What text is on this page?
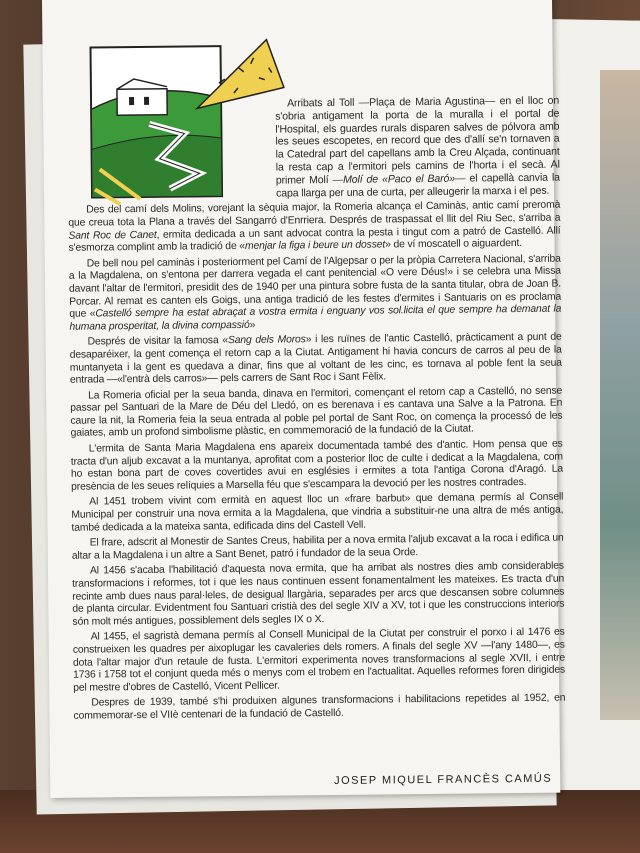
Arribats al Toll —Plaça de Maria Agustina— en el lloc on s'obria antigament la porta de la muralla i el portal de l'Hospital, els guardes rurals disparen salves de pólvora amb les seues escopetes, en record que des d'allí se'n tornaven a la Catedral part del capellans amb la Creu Alçada, continuant la resta cap a l'ermitori pels camins de l'horta i el secà. Al primer Molí —Molí de «Paco el Baró»— el capellà canvia la capa llarga per una de curta, per alleugerir la marxa i el pes.

Des del camí dels Molins, vorejant la sèquia major, la Romeria alcança el Caminàs, antic camí preromà que creua tota la Plana a través del Sangarró d'Enrriera. Després de traspassat el llit del Riu Sec, s'arriba a Sant Roc de Canet, ermita dedicada a un sant advocat contra la pesta i tingut com a patró de Castelló. Allí s'esmorza complint amb la tradició de «menjar la figa i beure un dosset» de ví moscatell o aiguardent.

De bell nou pel caminàs i posteriorment pel Camí de l'Algepsar o per la pròpia Carretera Nacional, s'arriba a la Magdalena, on s'entona per darrera vegada el cant penitencial «O vere Déus!» i se celebra una Missa davant l'altar de l'ermitori, presidit des de 1940 per una pintura sobre fusta de la santa titular, obra de Joan B. Porcar. Al remat es canten els Goigs, una antiga tradició de les festes d'ermites i Santuaris on es proclama que «Castelló sempre ha estat abraçat a vostra ermita i enguany vos sol.licita el que sempre ha demanat la humana prosperitat, la divina compassió»

Després de visitar la famosa «Sang dels Moros» i les ruïnes de l'antic Castelló, pràcticament a punt de desaparéixer, la gent comença el retorn cap a la Ciutat. Antigament hi havia concurs de carros al peu de la muntanyeta i la gent es quedava a dinar, fins que al voltant de les cinc, es tornava al poble fent la seua entrada —«l'entrà dels carros»— pels carrers de Sant Roc i Sant Fèlix.

La Romeria oficial per la seua banda, dinava en l'ermitori, començant el retorn cap a Castelló, no sense passar pel Santuari de la Mare de Déu del Lledó, on es berenava i es cantava una Salve a la Patrona. En caure la nit, la Romeria feia la seua entrada al poble pel portal de Sant Roc, on comença la processó de les gaiates, amb un profond simbolisme plàstic, en commemoració de la fundació de la Ciutat.

L'ermita de Santa Maria Magdalena ens apareix documentada també des d'antic. Hom pensa que es tracta d'un aljub excavat a la muntanya, aprofitat com a posterior lloc de culte i dedicat a la Magdalena, com ho estan bona part de coves covertides avui en esglésies i ermites a tota l'antiga Corona d'Aragó. La presència de les seues relíquies a Marsella féu que s'escampara la devoció per les nostres contrades.

Al 1451 trobem vivint com ermità en aquest lloc un «frare barbut» que demana permís al Consell Municipal per construir una nova ermita a la Magdalena, que vindria a substituir-ne una altra de més antiga, també dedicada a la mateixa santa, edificada dins del Castell Vell.

El frare, adscrit al Monestir de Santes Creus, habilita per a nova ermita l'aljub excavat a la roca i edifica un altar a la Magdalena i un altre a Sant Benet, patró i fundador de la seua Orde.

Al 1456 s'acaba l'habilitació d'aquesta nova ermita, que ha arribat als nostres dies amb considerables transformacions i reformes, tot i que les naus continuen essent fonamentalment les mateixes. Es tracta d'un recinte amb dues naus paral·leles, de desigual llargària, separades per arcs que descansen sobre columnes de planta circular. Evidentment fou Santuari cristià des del segle XIV a XV, tot i que les construccions interiors són molt més antigues, possiblement dels segles IX o X.

Al 1455, el sagristà demana permís al Consell Municipal de la Ciutat per construir el porxo i al 1476 es construeixen les quadres per aixoplugar les cavaleries dels romers. A finals del segle XV —l'any 1480—, es dota l'altar major d'un retaule de fusta. L'ermitori experimenta noves transformacions al segle XVII, i entre 1736 i 1758 tot el conjunt queda més o menys com el trobem en l'actualitat. Aquelles reformes foren dirigides pel mestre d'obres de Castelló, Vicent Pellicer.

Despres de 1939, també s'hi produixen algunes transformacions i habilitacions repetides al 1952, en commemorar-se el VIIè centenari de la fundació de Castelló.

JOSEP MIQUEL FRANCÈS CAMÚS
